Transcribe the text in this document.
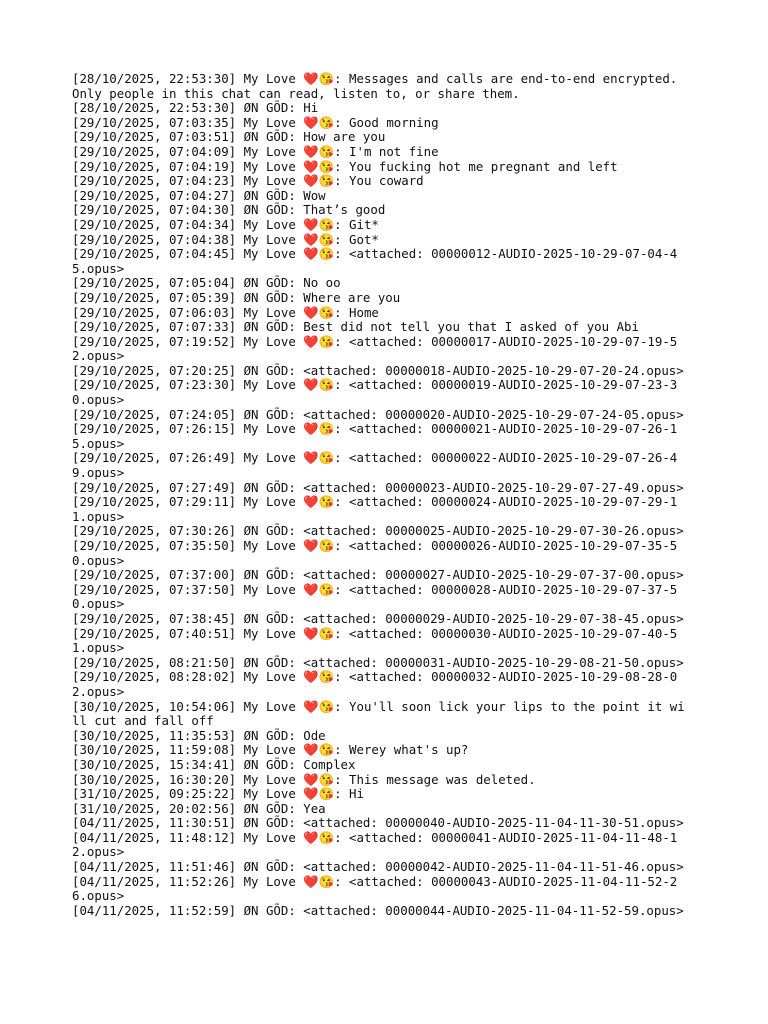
[28/10/2025, 22:53:30] My Love ❤️😘: Messages and calls are end-to-end encrypted. Only people in this chat can read, listen to, or share them.
[28/10/2025, 22:53:30] ØN GÕD: Hi
[29/10/2025, 07:03:35] My Love ❤️😘: Good morning
[29/10/2025, 07:03:51] ØN GÕD: How are you
[29/10/2025, 07:04:09] My Love ❤️😘: I'm not fine
[29/10/2025, 07:04:19] My Love ❤️😘: You fucking hot me pregnant and left
[29/10/2025, 07:04:23] My Love ❤️😘: You coward
[29/10/2025, 07:04:27] ØN GÕD: Wow
[29/10/2025, 07:04:30] ØN GÕD: That’s good
[29/10/2025, 07:04:34] My Love ❤️😘: Git*
[29/10/2025, 07:04:38] My Love ❤️😘: Got*
[29/10/2025, 07:04:45] My Love ❤️😘: <attached: 00000012-AUDIO-2025-10-29-07-04-45.opus>
[29/10/2025, 07:05:04] ØN GÕD: No oo
[29/10/2025, 07:05:39] ØN GÕD: Where are you
[29/10/2025, 07:06:03] My Love ❤️😘: Home
[29/10/2025, 07:07:33] ØN GÕD: Best did not tell you that I asked of you Abi
[29/10/2025, 07:19:52] My Love ❤️😘: <attached: 00000017-AUDIO-2025-10-29-07-19-52.opus>
[29/10/2025, 07:20:25] ØN GÕD: <attached: 00000018-AUDIO-2025-10-29-07-20-24.opus>
[29/10/2025, 07:23:30] My Love ❤️😘: <attached: 00000019-AUDIO-2025-10-29-07-23-30.opus>
[29/10/2025, 07:24:05] ØN GÕD: <attached: 00000020-AUDIO-2025-10-29-07-24-05.opus>
[29/10/2025, 07:26:15] My Love ❤️😘: <attached: 00000021-AUDIO-2025-10-29-07-26-15.opus>
[29/10/2025, 07:26:49] My Love ❤️😘: <attached: 00000022-AUDIO-2025-10-29-07-26-49.opus>
[29/10/2025, 07:27:49] ØN GÕD: <attached: 00000023-AUDIO-2025-10-29-07-27-49.opus>
[29/10/2025, 07:29:11] My Love ❤️😘: <attached: 00000024-AUDIO-2025-10-29-07-29-11.opus>
[29/10/2025, 07:30:26] ØN GÕD: <attached: 00000025-AUDIO-2025-10-29-07-30-26.opus>
[29/10/2025, 07:35:50] My Love ❤️😘: <attached: 00000026-AUDIO-2025-10-29-07-35-50.opus>
[29/10/2025, 07:37:00] ØN GÕD: <attached: 00000027-AUDIO-2025-10-29-07-37-00.opus>
[29/10/2025, 07:37:50] My Love ❤️😘: <attached: 00000028-AUDIO-2025-10-29-07-37-50.opus>
[29/10/2025, 07:38:45] ØN GÕD: <attached: 00000029-AUDIO-2025-10-29-07-38-45.opus>
[29/10/2025, 07:40:51] My Love ❤️😘: <attached: 00000030-AUDIO-2025-10-29-07-40-51.opus>
[29/10/2025, 08:21:50] ØN GÕD: <attached: 00000031-AUDIO-2025-10-29-08-21-50.opus>
[29/10/2025, 08:28:02] My Love ❤️😘: <attached: 00000032-AUDIO-2025-10-29-08-28-02.opus>
[30/10/2025, 10:54:06] My Love ❤️😘: You'll soon lick your lips to the point it will cut and fall off
[30/10/2025, 11:35:53] ØN GÕD: Ode
[30/10/2025, 11:59:08] My Love ❤️😘: Werey what's up?
[30/10/2025, 15:34:41] ØN GÕD: Complex
[30/10/2025, 16:30:20] My Love ❤️😘: This message was deleted.
[31/10/2025, 09:25:22] My Love ❤️😘: Hi
[31/10/2025, 20:02:56] ØN GÕD: Yea
[04/11/2025, 11:30:51] ØN GÕD: <attached: 00000040-AUDIO-2025-11-04-11-30-51.opus>
[04/11/2025, 11:48:12] My Love ❤️😘: <attached: 00000041-AUDIO-2025-11-04-11-48-12.opus>
[04/11/2025, 11:51:46] ØN GÕD: <attached: 00000042-AUDIO-2025-11-04-11-51-46.opus>
[04/11/2025, 11:52:26] My Love ❤️😘: <attached: 00000043-AUDIO-2025-11-04-11-52-26.opus>
[04/11/2025, 11:52:59] ØN GÕD: <attached: 00000044-AUDIO-2025-11-04-11-52-59.opus>
